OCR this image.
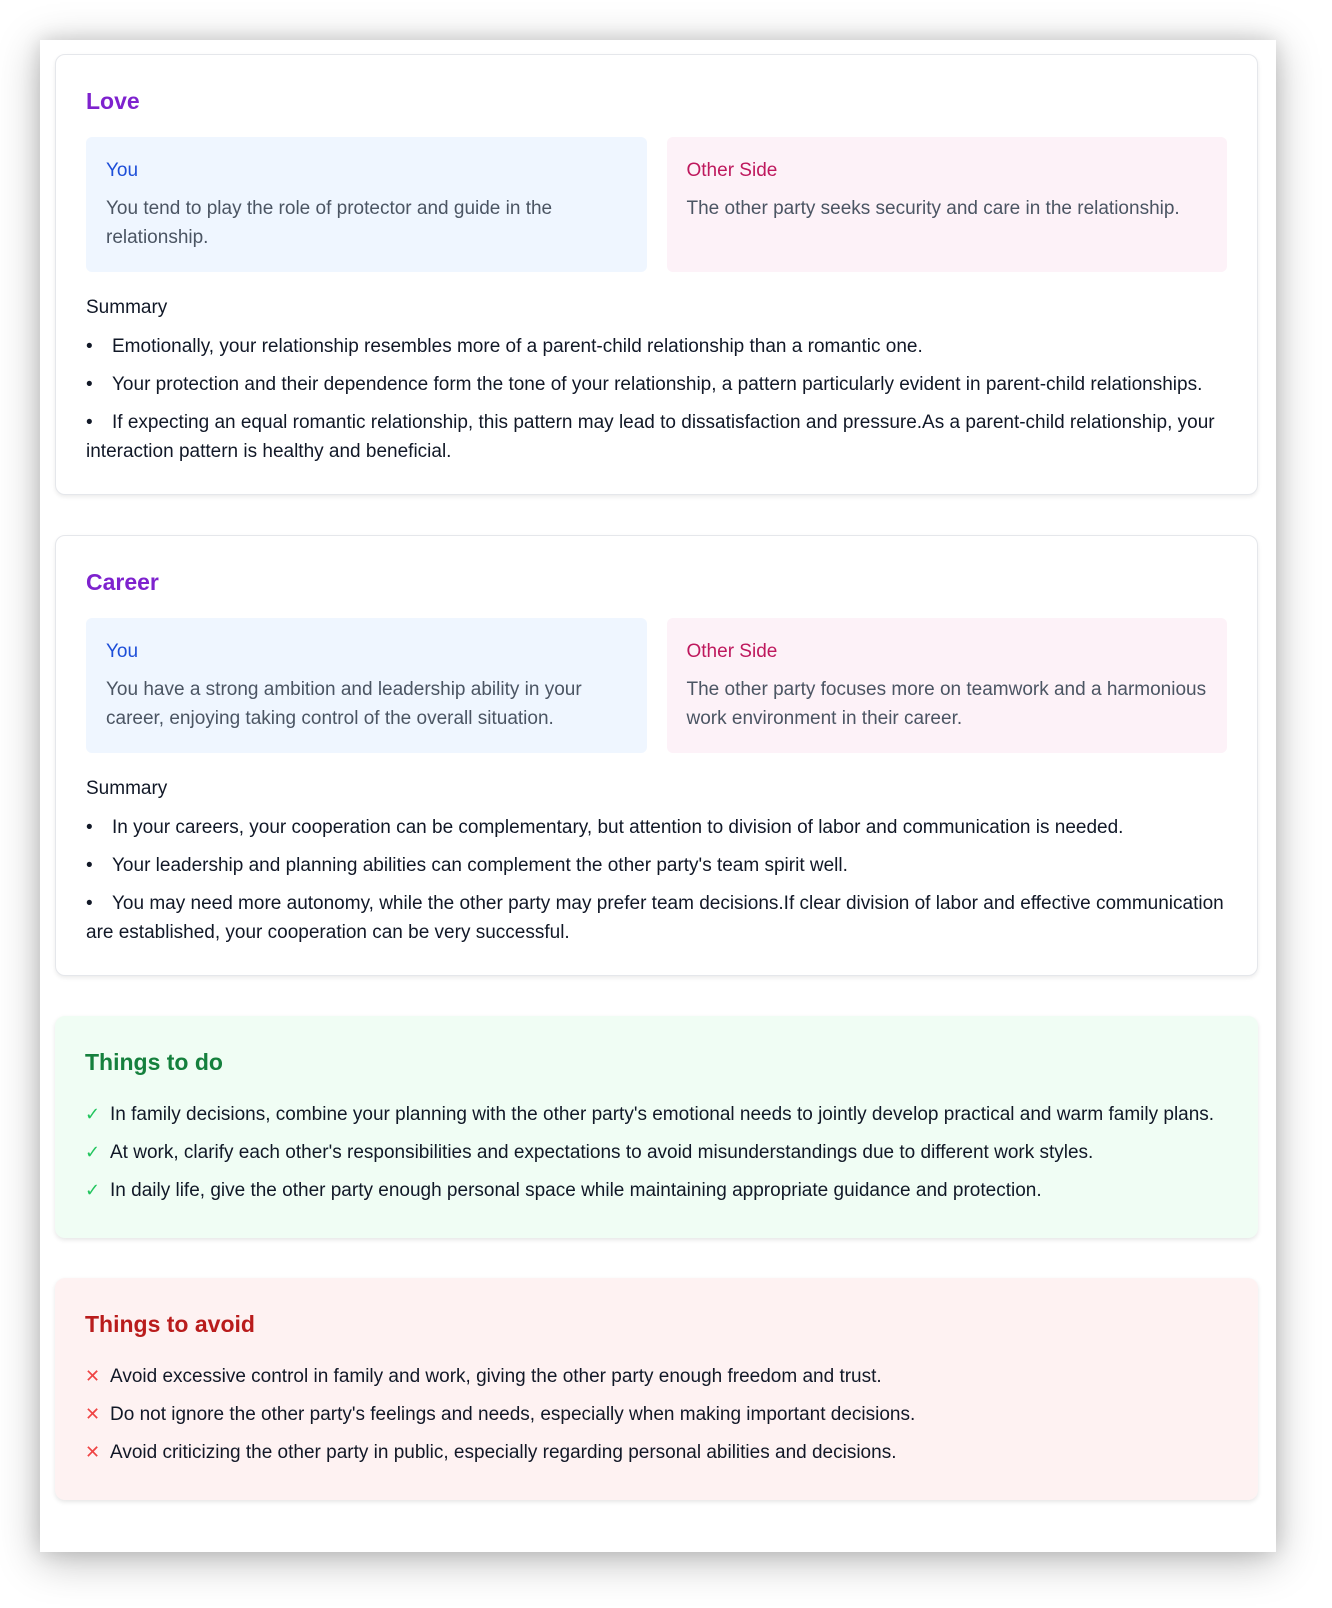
Love
You
You tend to play the role of protector and guide in the relationship.
Other Side
The other party seeks security and care in the relationship.
Summary
• Emotionally, your relationship resembles more of a parent-child relationship than a romantic one.
• Your protection and their dependence form the tone of your relationship, a pattern particularly evident in parent-child relationships.
• If expecting an equal romantic relationship, this pattern may lead to dissatisfaction and pressure.As a parent-child relationship, your interaction pattern is healthy and beneficial.
Career
You
You have a strong ambition and leadership ability in your career, enjoying taking control of the overall situation.
Other Side
The other party focuses more on teamwork and a harmonious work environment in their career.
Summary
• In your careers, your cooperation can be complementary, but attention to division of labor and communication is needed.
• Your leadership and planning abilities can complement the other party's team spirit well.
• You may need more autonomy, while the other party may prefer team decisions.If clear division of labor and effective communication are established, your cooperation can be very successful.
Things to do
✓ In family decisions, combine your planning with the other party's emotional needs to jointly develop practical and warm family plans.
✓ At work, clarify each other's responsibilities and expectations to avoid misunderstandings due to different work styles.
✓ In daily life, give the other party enough personal space while maintaining appropriate guidance and protection.
Things to avoid
✕ Avoid excessive control in family and work, giving the other party enough freedom and trust.
✕ Do not ignore the other party's feelings and needs, especially when making important decisions.
✕ Avoid criticizing the other party in public, especially regarding personal abilities and decisions.
